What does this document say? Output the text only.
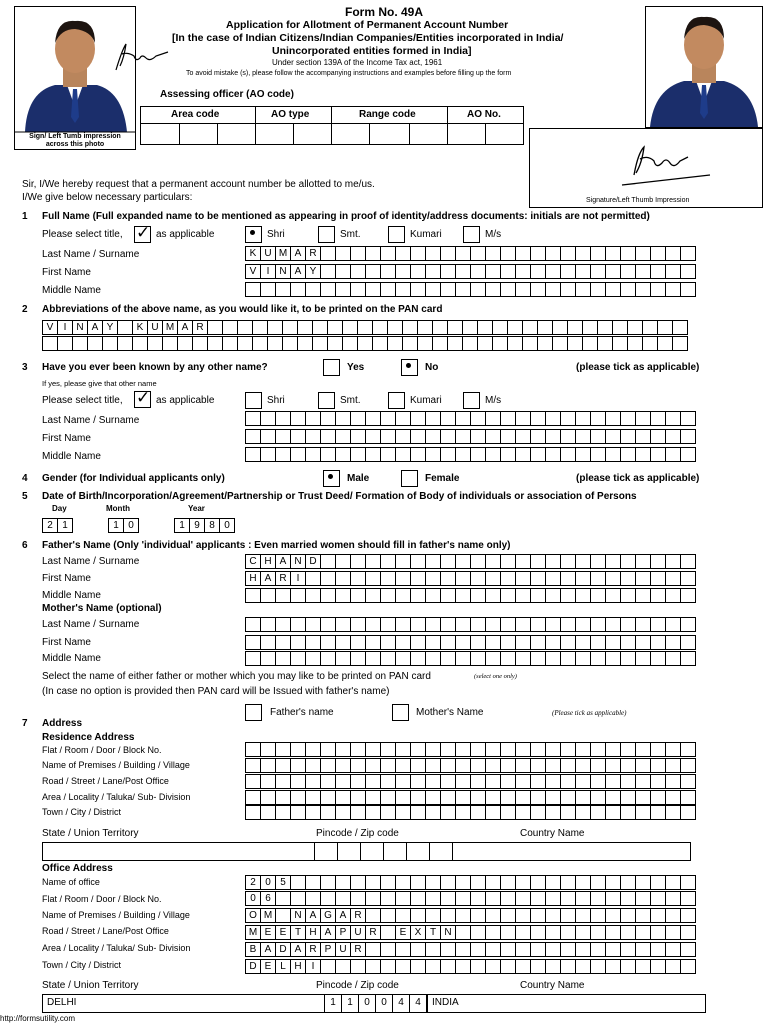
Form No. 49A
Application for Allotment of Permanent Account Number
[In the case of Indian Citizens/Indian Companies/Entities incorporated in India/
Unincorporated entities formed in India]
Under section 139A of the Income Tax act, 1961
To avoid mistake (s), please follow the accompanying instructions and examples before filling up the form
Sign/ Left Tumb impression across this photo
Signature/Left Thumb Impression
Assessing officer (AO code)
Area code	AO type	Range code	AO No.
Sir, I/We hereby request that a permanent account number be allotted to me/us.
I/We give below necessary particulars:
1 Full Name (Full expanded name to be mentioned as appearing in proof of identity/address documents: initials are not permitted)
Please select title, ✓ as applicable	Shri	Smt.	Kumari	M/s
Last Name / Surname	K U M A R
First Name	V	I N A Y
Middle Name
2 Abbreviations of the above name, as you would like it, to be printed on the PAN card
V	I N A Y	K U M A R
3 Have you ever been known by any other name?	Yes	No	(please tick as applicable)
If yes, please give that other name
Please select title, ✓ as applicable	Shri	Smt.	Kumari	M/s
Last Name / Surname
First Name
Middle Name
4 Gender (for Individual applicants only)	Male	Female	(please tick as applicable)
5 Date of Birth/Incorporation/Agreement/Partnership or Trust Deed/ Formation of Body of individuals or association of Persons
Day	Month	Year
2 1	1 0	1 9 8 0
6 Father's Name (Only 'individual' applicants : Even married women should fill in father's name only)
Last Name / Surname	C H A N D
First Name	H A R	I
Middle Name
Mother's Name (optional)
Last Name / Surname
First Name
Middle Name
Select the name of either father or mother which you may like to be printed on PAN card	(select one only)
(In case no option is provided then PAN card will be Issued with father's name)
Father's name	Mother's Name	(Please tick as applicable)
7 Address
Residence Address
Flat / Room / Door / Block No.
Name of Premises / Building / Village
Road / Street / Lane/Post Office
Area / Locality / Taluka/ Sub- Division
Town / City / District
State / Union Territory	Pincode / Zip code	Country Name
Office Address
Name of office	2 0 5
Flat / Room / Door / Block No.	0 6
Name of Premises / Building / Village	O M	N A G A R
Road / Street / Lane/Post Office	M E E T H A P U R	E X T N
Area / Locality / Taluka/ Sub- Division	B A D A R P U R
Town / City / District	D E L H	I
State / Union Territory	Pincode / Zip code	Country Name
DELHI	1	1	0	0	4	4	INDIA
http://formsutility.com
